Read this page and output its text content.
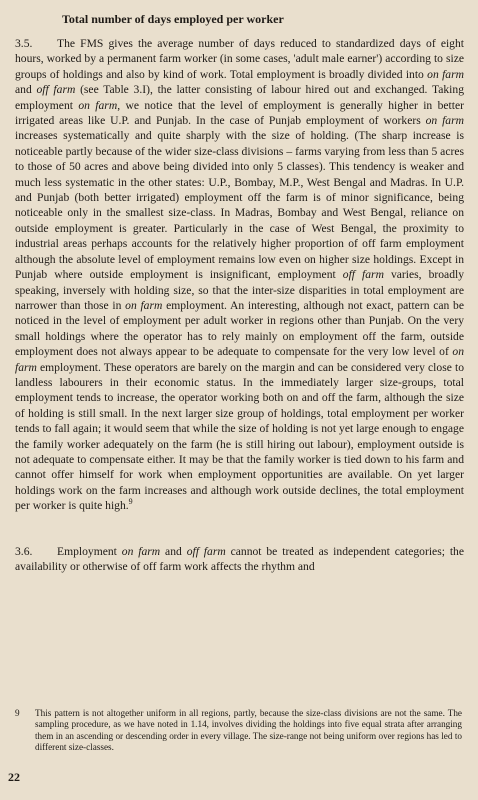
Total number of days employed per worker

3.5. The FMS gives the average number of days reduced to standardized days of eight hours, worked by a permanent farm worker (in some cases, 'adult male earner') according to size groups of holdings and also by kind of work. Total employment is broadly divided into on farm and off farm (see Table 3.I), the latter consisting of labour hired out and exchanged. Taking employment on farm, we notice that the level of employment is generally higher in better irrigated areas like U.P. and Punjab. In the case of Punjab employment of workers on farm increases systematically and quite sharply with the size of holding. (The sharp increase is noticeable partly because of the wider size-class divisions – farms varying from less than 5 acres to those of 50 acres and above being divided into only 5 classes). This tendency is weaker and much less systematic in the other states: U.P., Bombay, M.P., West Bengal and Madras. In U.P. and Punjab (both better irrigated) employment off the farm is of minor significance, being noticeable only in the smallest size-class. In Madras, Bombay and West Bengal, reliance on outside employment is greater. Particularly in the case of West Bengal, the proximity to industrial areas perhaps accounts for the relatively higher proportion of off farm employment although the absolute level of employment remains low even on higher size holdings. Except in Punjab where outside employment is insignificant, employment off farm varies, broadly speaking, inversely with holding size, so that the inter-size disparities in total employment are narrower than those in on farm employment. An interesting, although not exact, pattern can be noticed in the level of employment per adult worker in regions other than Punjab. On the very small holdings where the operator has to rely mainly on employment off the farm, outside employment does not always appear to be adequate to compensate for the very low level of on farm employment. These operators are barely on the margin and can be considered very close to landless labourers in their economic status. In the immediately larger size-groups, total employment tends to increase, the operator working both on and off the farm, although the size of holding is still small. In the next larger size group of holdings, total employment per worker tends to fall again; it would seem that while the size of holding is not yet large enough to engage the family worker adequately on the farm (he is still hiring out labour), employment outside is not adequate to compensate either. It may be that the family worker is tied down to his farm and cannot offer himself for work when employment opportunities are available. On yet larger holdings work on the farm increases and although work outside declines, the total employment per worker is quite high.$^9$

3.6. Employment on farm and off farm cannot be treated as independent categories; the availability or otherwise of off farm work affects the rhythm and

9	This pattern is not altogether uniform in all regions, partly, because the size-class divisions are not the same. The sampling procedure, as we have noted in 1.14, involves dividing the holdings into five equal strata after arranging them in an ascending or descending order in every village. The size-range not being uniform over regions has led to different size-classes.
22
